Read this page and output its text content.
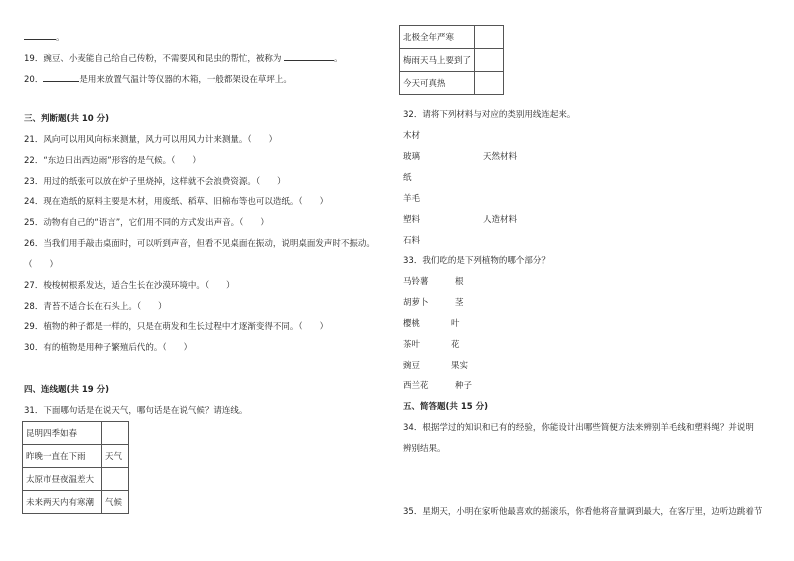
。
19．豌豆、小麦能自己给自己传粉，不需要风和昆虫的帮忙，被称为	。
20．	是用来放置气温计等仪器的木箱，一般都架设在草坪上。
三、判断题(共 10 分)
21．风向可以用风向标来测量，风力可以用风力计来测量。（　　）
22．“东边日出西边雨”形容的是气候。（　　）
23．用过的纸张可以放在炉子里烧掉，这样就不会浪费资源。（　　）
24．现在造纸的原料主要是木材，用废纸、稻草、旧棉布等也可以造纸。（　　）
25．动物有自己的“语言”，它们用不同的方式发出声音。（　　）
26．当我们用手敲击桌面时，可以听到声音，但看不见桌面在振动，说明桌面发声时不振动。
（　　）
27．梭梭树根系发达，适合生长在沙漠环境中。（　　）
28．青苔不适合长在石头上。（　　）
29．植物的种子都是一样的，只是在萌发和生长过程中才逐渐变得不同。（　　）
30．有的植物是用种子繁殖后代的。（　　）
四、连线题(共 19 分)
31．下面哪句话是在说天气，哪句话是在说气候？请连线。
昆明四季如春	
昨晚一直在下雨	天气
太原市昼夜温差大	
未来两天内有寒潮	气候
北极全年严寒	
梅雨天马上要到了	
今天可真热	
32．请将下列材料与对应的类别用线连起来。
木材
玻璃
纸
羊毛
塑料
石料
天然材料
人造材料
33．我们吃的是下列植物的哪个部分？
马铃薯
胡萝卜
樱桃
茶叶
豌豆
西兰花
根
茎
叶
花
果实
种子
五、简答题(共 15 分)
34．根据学过的知识和已有的经验，你能设计出哪些简便方法来辨别羊毛线和塑料绳？并说明
辨别结果。
35．星期天，小明在家听他最喜欢的摇滚乐，你看他将音量调到最大，在客厅里，边听边跳着节
